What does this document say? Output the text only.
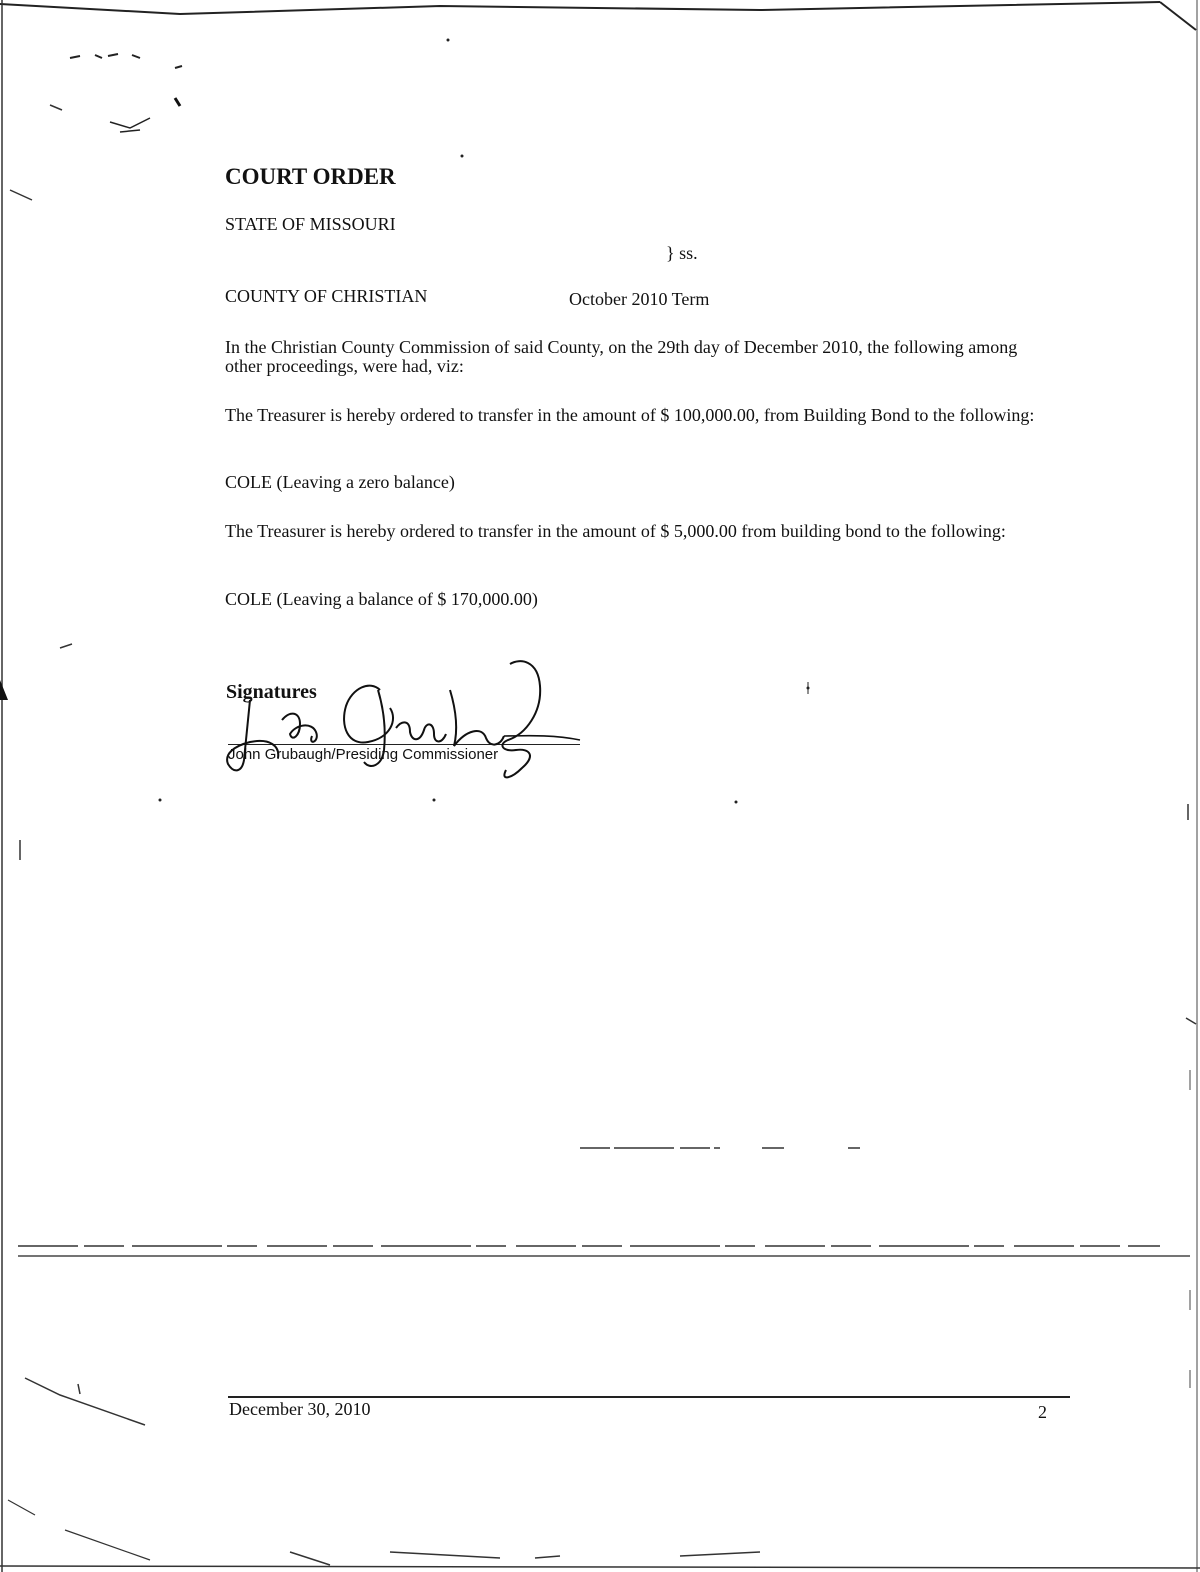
COURT ORDER
STATE OF MISSOURI
} ss.
COUNTY OF CHRISTIAN	October 2010 Term
In the Christian County Commission of said County, on the 29th day of December 2010, the following among other proceedings, were had, viz:
The Treasurer is hereby ordered to transfer in the amount of $ 100,000.00, from Building Bond to the following:
COLE (Leaving a zero balance)
The Treasurer is hereby ordered to transfer in the amount of $ 5,000.00 from building bond to the following:
COLE (Leaving a balance of $ 170,000.00)
Signatures
John Grubaugh/Presiding Commissioner
December 30, 2010	2
